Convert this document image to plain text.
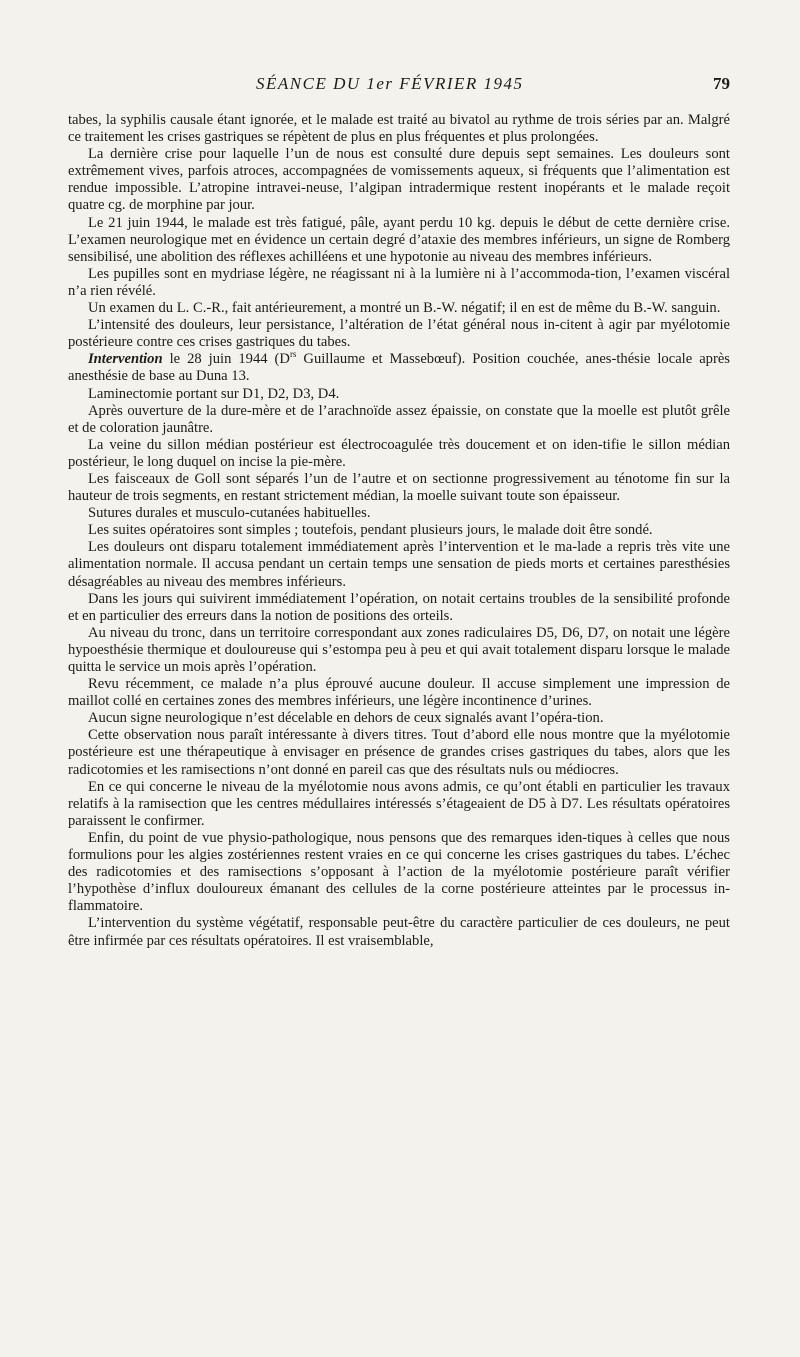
SÉANCE DU 1er FÉVRIER 1945	79

tabes, la syphilis causale étant ignorée, et le malade est traité au bivatol au rythme de trois séries par an. Malgré ce traitement les crises gastriques se répètent de plus en plus fréquentes et plus prolongées.

La dernière crise pour laquelle l’un de nous est consulté dure depuis sept semaines. Les douleurs sont extrêmement vives, parfois atroces, accompagnées de vomissements aqueux, si fréquents que l’alimentation est rendue impossible. L’atropine intravei-neuse, l’algipan intradermique restent inopérants et le malade reçoit quatre cg. de morphine par jour.

Le 21 juin 1944, le malade est très fatigué, pâle, ayant perdu 10 kg. depuis le début de cette dernière crise. L’examen neurologique met en évidence un certain degré d’ataxie des membres inférieurs, un signe de Romberg sensibilisé, une abolition des réflexes achilléens et une hypotonie au niveau des membres inférieurs.

Les pupilles sont en mydriase légère, ne réagissant ni à la lumière ni à l’accommoda-tion, l’examen viscéral n’a rien révélé.

Un examen du L. C.-R., fait antérieurement, a montré un B.-W. négatif; il en est de même du B.-W. sanguin.

L’intensité des douleurs, leur persistance, l’altération de l’état général nous in-citent à agir par myélotomie postérieure contre ces crises gastriques du tabes.

Intervention le 28 juin 1944 ($D^{rs}$ Guillaume et Massebœuf). Position couchée, anes-thésie locale après anesthésie de base au Duna 13.

Laminectomie portant sur D1, D2, D3, D4.

Après ouverture de la dure-mère et de l’arachnoïde assez épaissie, on constate que la moelle est plutôt grêle et de coloration jaunâtre.

La veine du sillon médian postérieur est électrocoagulée très doucement et on iden-tifie le sillon médian postérieur, le long duquel on incise la pie-mère.

Les faisceaux de Goll sont séparés l’un de l’autre et on sectionne progressivement au ténotome fin sur la hauteur de trois segments, en restant strictement médian, la moelle suivant toute son épaisseur.

Sutures durales et musculo-cutanées habituelles.

Les suites opératoires sont simples ; toutefois, pendant plusieurs jours, le malade doit être sondé.

Les douleurs ont disparu totalement immédiatement après l’intervention et le ma-lade a repris très vite une alimentation normale. Il accusa pendant un certain temps une sensation de pieds morts et certaines paresthésies désagréables au niveau des membres inférieurs.

Dans les jours qui suivirent immédiatement l’opération, on notait certains troubles de la sensibilité profonde et en particulier des erreurs dans la notion de positions des orteils.

Au niveau du tronc, dans un territoire correspondant aux zones radiculaires D5, D6, D7, on notait une légère hypoesthésie thermique et douloureuse qui s’estompa peu à peu et qui avait totalement disparu lorsque le malade quitta le service un mois après l’opération.

Revu récemment, ce malade n’a plus éprouvé aucune douleur. Il accuse simplement une impression de maillot collé en certaines zones des membres inférieurs, une légère incontinence d’urines.

Aucun signe neurologique n’est décelable en dehors de ceux signalés avant l’opéra-tion.

Cette observation nous paraît intéressante à divers titres. Tout d’abord elle nous montre que la myélotomie postérieure est une thérapeutique à envisager en présence de grandes crises gastriques du tabes, alors que les radicotomies et les ramisections n’ont donné en pareil cas que des résultats nuls ou médiocres.

En ce qui concerne le niveau de la myélotomie nous avons admis, ce qu’ont établi en particulier les travaux relatifs à la ramisection que les centres médullaires intéressés s’étageaient de D5 à D7. Les résultats opératoires paraissent le confirmer.

Enfin, du point de vue physio-pathologique, nous pensons que des remarques iden-tiques à celles que nous formulions pour les algies zostériennes restent vraies en ce qui concerne les crises gastriques du tabes. L’échec des radicotomies et des ramisections s’opposant à l’action de la myélotomie postérieure paraît vérifier l’hypothèse d’influx douloureux émanant des cellules de la corne postérieure atteintes par le processus in-flammatoire.

L’intervention du système végétatif, responsable peut-être du caractère particulier de ces douleurs, ne peut être infirmée par ces résultats opératoires. Il est vraisemblable,
